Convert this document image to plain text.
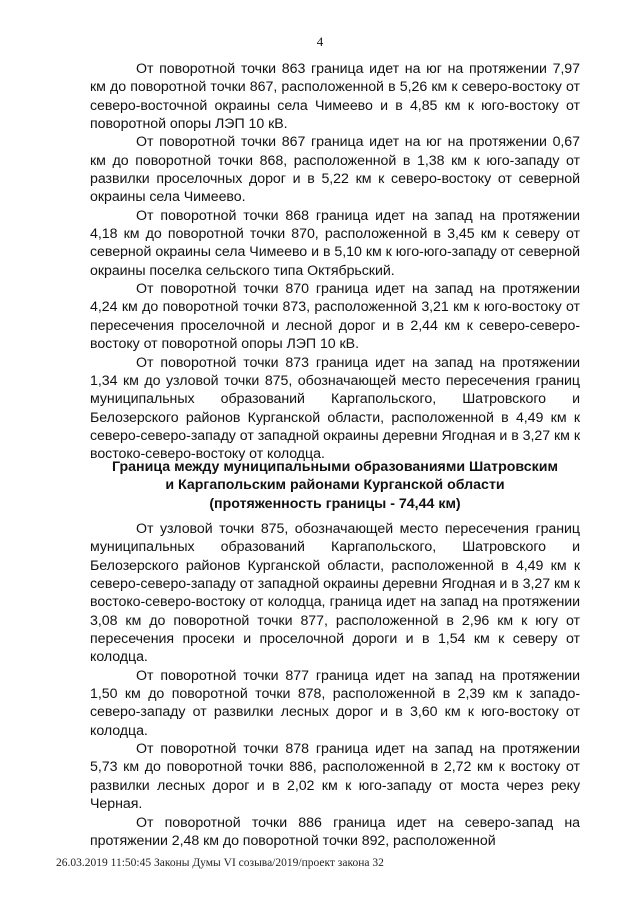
4

От поворотной точки 863 граница идет на юг на протяжении 7,97 км до поворотной точки 867, расположенной в 5,26 км к северо-востоку от северо-восточной окраины села Чимеево и в 4,85 км к юго-востоку от поворотной опоры ЛЭП 10 кВ.

От поворотной точки 867 граница идет на юг на протяжении 0,67 км до поворотной точки 868, расположенной в 1,38 км к юго-западу от развилки проселочных дорог и в 5,22 км к северо-востоку от северной окраины села Чимеево.

От поворотной точки 868 граница идет на запад на протяжении 4,18 км до поворотной точки 870, расположенной в 3,45 км к северу от северной окраины села Чимеево и в 5,10 км к юго-юго-западу от северной окраины поселка сельского типа Октябрьский.

От поворотной точки 870 граница идет на запад на протяжении 4,24 км до поворотной точки 873, расположенной 3,21 км к юго-востоку от пересечения проселочной и лесной дорог и в 2,44 км к северо-северо-востоку от поворотной опоры ЛЭП 10 кВ.

От поворотной точки 873 граница идет на запад на протяжении 1,34 км до узловой точки 875, обозначающей место пересечения границ муниципальных образований Каргапольского, Шатровского и Белозерского районов Курганской области, расположенной в 4,49 км к северо-северо-западу от западной окраины деревни Ягодная и в 3,27 км к востоко-северо-востоку от колодца.

Граница между муниципальными образованиями Шатровским
и Каргапольским районами Курганской области
(протяженность границы - 74,44 км)

От узловой точки 875, обозначающей место пересечения границ муниципальных образований Каргапольского, Шатровского и Белозерского районов Курганской области, расположенной в 4,49 км к северо-северо-западу от западной окраины деревни Ягодная и в 3,27 км к востоко-северо-востоку от колодца, граница идет на запад на протяжении 3,08 км до поворотной точки 877, расположенной в 2,96 км к югу от пересечения просеки и проселочной дороги и в 1,54 км к северу от колодца.

От поворотной точки 877 граница идет на запад на протяжении 1,50 км до поворотной точки 878, расположенной в 2,39 км к западо-северо-западу от развилки лесных дорог и в 3,60 км к юго-востоку от колодца.

От поворотной точки 878 граница идет на запад на протяжении 5,73 км до поворотной точки 886, расположенной в 2,72 км к востоку от развилки лесных дорог и в 2,02 км к юго-западу от моста через реку Черная.

От поворотной точки 886 граница идет на северо-запад на протяжении 2,48 км до поворотной точки 892, расположенной

26.03.2019 11:50:45 Законы Думы VI созыва/2019/проект закона 32
